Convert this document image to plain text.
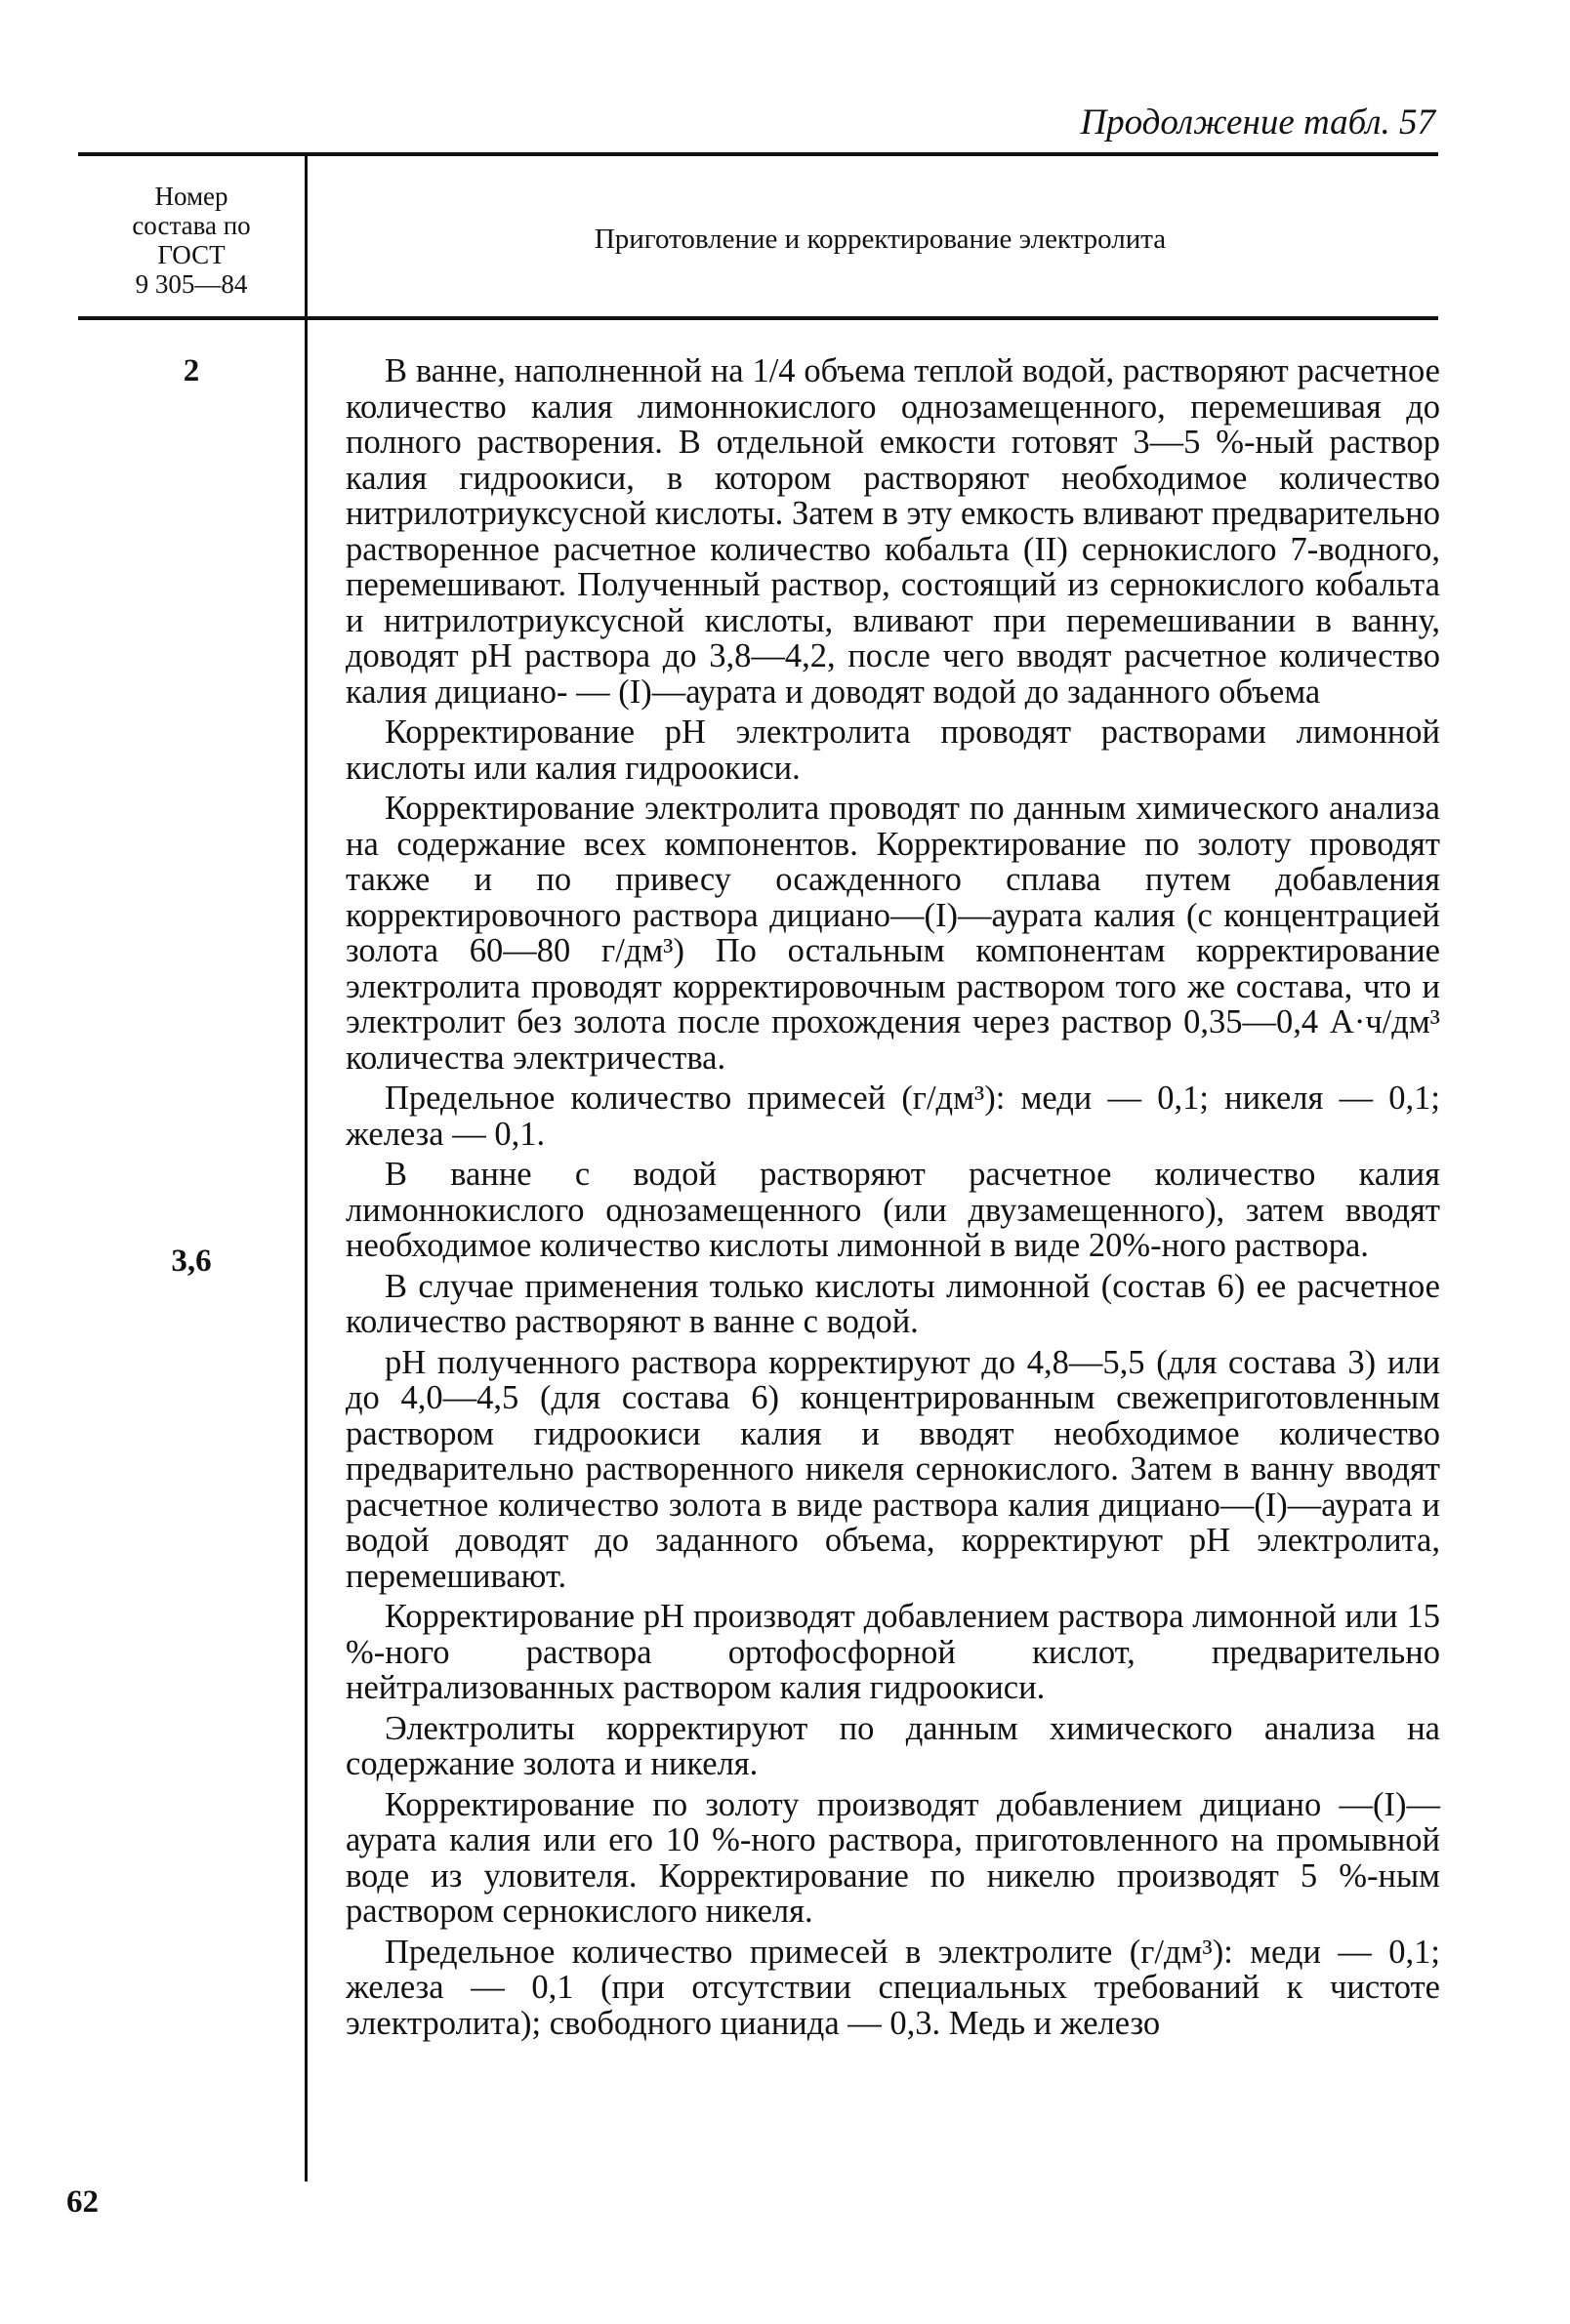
Продолжение табл. 57
Номер
состава по
ГОСТ
9 305—84
Приготовление и корректирование электролита
2
3,6

В ванне, наполненной на 1/4 объема теплой водой, растворяют расчетное количество калия лимоннокислого однозамещенного, перемешивая до полного растворения. В отдельной емкости готовят 3—5 %-ный раствор калия гидроокиси, в котором растворяют необходимое количество нитрилотриуксусной кислоты. Затем в эту емкость вливают предварительно растворенное расчетное количество кобальта (II) сернокислого 7-водного, перемешивают. Полученный раствор, состоящий из сернокислого кобальта и нитрилотриуксусной кислоты, вливают при перемешивании в ванну, доводят pH раствора до 3,8—4,2, после чего вводят расчетное количество калия дициано- — (I)—аурата и доводят водой до заданного объема

Корректирование pH электролита проводят растворами лимонной кислоты или калия гидроокиси.

Корректирование электролита проводят по данным химического анализа на содержание всех компонентов. Корректирование по золоту проводят также и по привесу осажденного сплава путем добавления корректировочного раствора дициано—(I)—аурата калия (с концентрацией золота 60—80 г/дм³) По остальным компонентам корректирование электролита проводят корректировочным раствором того же состава, что и электролит без золота после прохождения через раствор 0,35—0,4 А·ч/дм³ количества электричества.

Предельное количество примесей (г/дм³): меди — 0,1; никеля — 0,1; железа — 0,1.

В ванне с водой растворяют расчетное количество калия лимоннокислого однозамещенного (или двузамещенного), затем вводят необходимое количество кислоты лимонной в виде 20%-ного раствора.

В случае применения только кислоты лимонной (состав 6) ее расчетное количество растворяют в ванне с водой.

pH полученного раствора корректируют до 4,8—5,5 (для состава 3) или до 4,0—4,5 (для состава 6) концентрированным свежеприготовленным раствором гидроокиси калия и вводят необходимое количество предварительно растворенного никеля сернокислого. Затем в ванну вводят расчетное количество золота в виде раствора калия дициано—(I)—аурата и водой доводят до заданного объема, корректируют pH электролита, перемешивают.

Корректирование pH производят добавлением раствора лимонной или 15 %-ного раствора ортофосфорной кислот, предварительно нейтрализованных раствором калия гидроокиси.

Электролиты корректируют по данным химического анализа на содержание золота и никеля.

Корректирование по золоту производят добавлением дициано —(I)—аурата калия или его 10 %-ного раствора, приготовленного на промывной воде из уловителя. Корректирование по никелю производят 5 %-ным раствором сернокислого никеля.

Предельное количество примесей в электролите (г/дм³): меди — 0,1; железа — 0,1 (при отсутствии специальных требований к чистоте электролита); свободного цианида — 0,3. Медь и железо

62
